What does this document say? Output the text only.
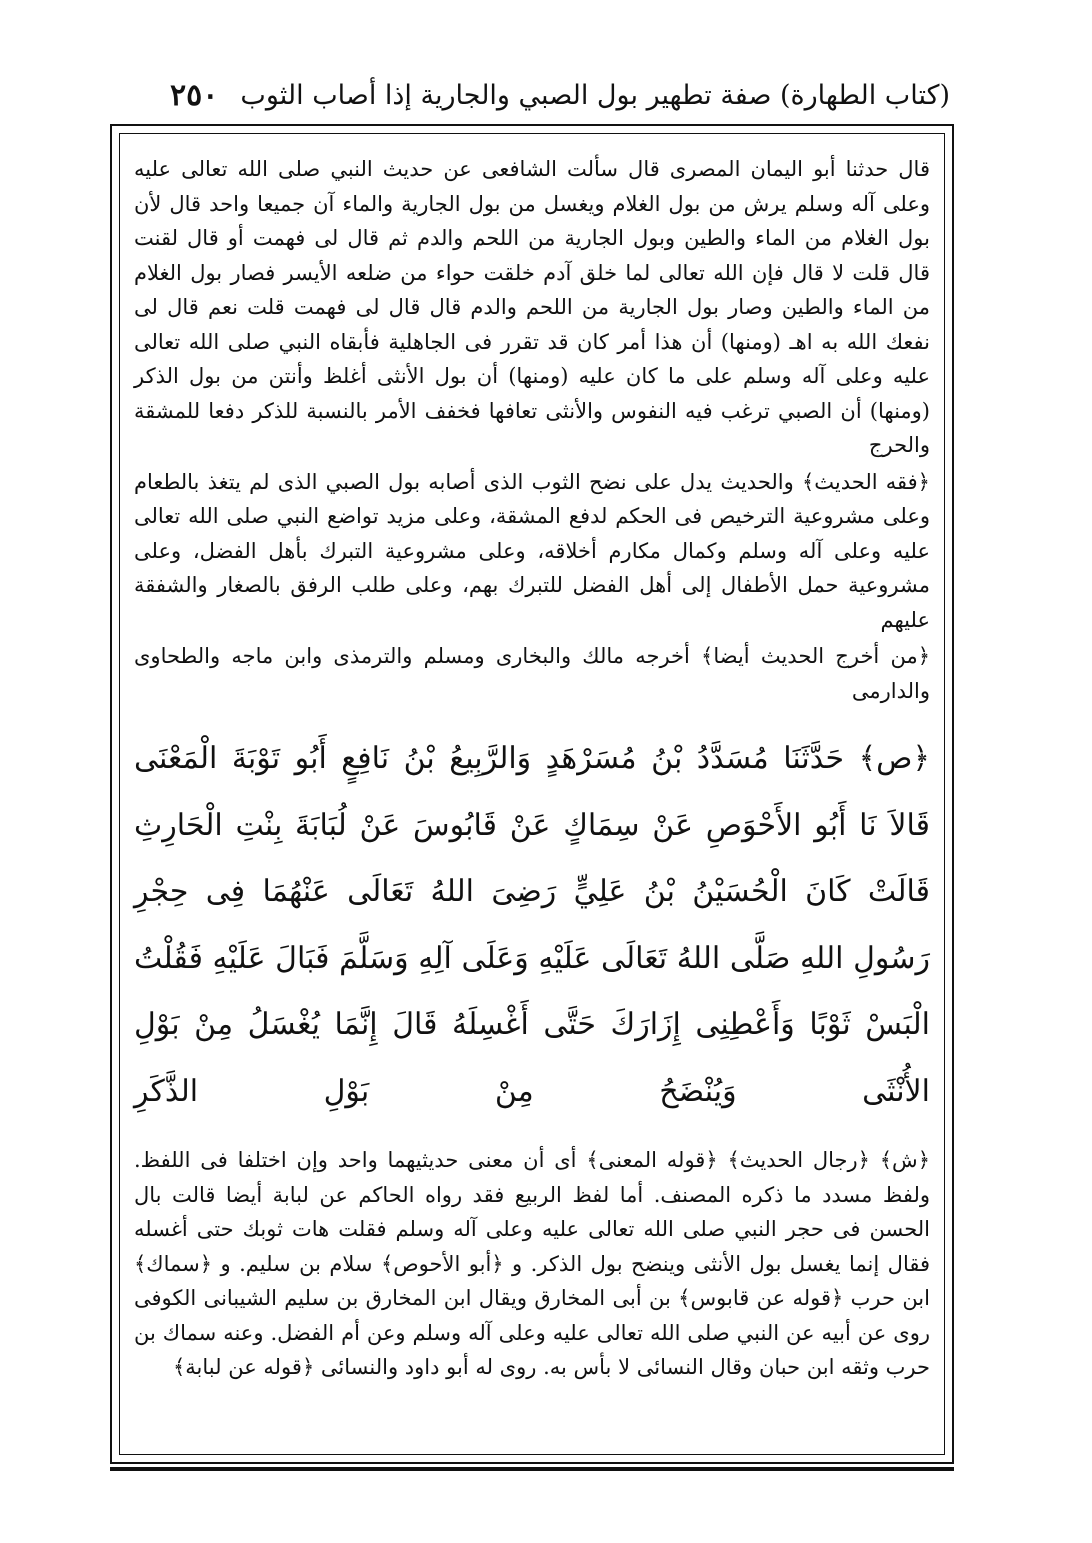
(كتاب الطهارة) صفة تطهير بول الصبي والجارية إذا أصاب الثوب
٢٥٠

قال حدثنا أبو اليمان المصرى قال سألت الشافعى عن حديث النبي صلى الله تعالى عليه وعلى آله وسلم يرش من بول الغلام ويغسل من بول الجارية والماء آن جميعا واحد قال لأن بول الغلام من الماء والطين وبول الجارية من اللحم والدم ثم قال لى فهمت أو قال لقنت قال قلت لا قال فإن الله تعالى لما خلق آدم خلقت حواء من ضلعه الأيسر فصار بول الغلام من الماء والطين وصار بول الجارية من اللحم والدم قال قال لى فهمت قلت نعم قال لى نفعك الله به اهـ (ومنها) أن هذا أمر كان قد تقرر فى الجاهلية فأبقاه النبي صلى الله تعالى عليه وعلى آله وسلم على ما كان عليه (ومنها) أن بول الأنثى أغلظ وأنتن من بول الذكر (ومنها) أن الصبي ترغب فيه النفوس والأنثى تعافها فخفف الأمر بالنسبة للذكر دفعا للمشقة والحرج

﴿فقه الحديث﴾ والحديث يدل على نضح الثوب الذى أصابه بول الصبي الذى لم يتغذ بالطعام وعلى مشروعية الترخيص فى الحكم لدفع المشقة، وعلى مزيد تواضع النبي صلى الله تعالى عليه وعلى آله وسلم وكمال مكارم أخلاقه، وعلى مشروعية التبرك بأهل الفضل، وعلى مشروعية حمل الأطفال إلى أهل الفضل للتبرك بهم، وعلى طلب الرفق بالصغار والشفقة عليهم

﴿من أخرج الحديث أيضا﴾ أخرجه مالك والبخارى ومسلم والترمذى وابن ماجه والطحاوى والدارمى

﴿ص﴾ حَدَّثَنَا مُسَدَّدُ بْنُ مُسَرْهَدٍ وَالرَّبِيعُ بْنُ نَافِعٍ أَبُو تَوْبَةَ الْمَعْنَى قَالاَ نَا أَبُو الأَحْوَصِ عَنْ سِمَاكٍ عَنْ قَابُوسَ عَنْ لُبَابَةَ بِنْتِ الْحَارِثِ قَالَتْ كَانَ الْحُسَيْنُ بْنُ عَلِيٍّ رَضِىَ اللهُ تَعَالَى عَنْهُمَا فِى حِجْرِ رَسُولِ اللهِ صَلَّى اللهُ تَعَالَى عَلَيْهِ وَعَلَى آلِهِ وَسَلَّمَ فَبَالَ عَلَيْهِ فَقُلْتُ الْبَسْ ثَوْبًا وَأَعْطِنِى إِزَارَكَ حَتَّى أَغْسِلَهُ قَالَ إِنَّمَا يُغْسَلُ مِنْ بَوْلِ الأُنْثَى وَيُنْضَحُ مِنْ بَوْلِ الذَّكَرِ

﴿ش﴾ ﴿رجال الحديث﴾ ﴿قوله المعنى﴾ أى أن معنى حديثيهما واحد وإن اختلفا فى اللفظ. ولفظ مسدد ما ذكره المصنف. أما لفظ الربيع فقد رواه الحاكم عن لبابة أيضا قالت بال الحسن فى حجر النبي صلى الله تعالى عليه وعلى آله وسلم فقلت هات ثوبك حتى أغسله فقال إنما يغسل بول الأنثى وينضح بول الذكر. و ﴿أبو الأحوص﴾ سلام بن سليم. و ﴿سماك﴾ ابن حرب ﴿قوله عن قابوس﴾ بن أبى المخارق ويقال ابن المخارق بن سليم الشيبانى الكوفى روى عن أبيه عن النبي صلى الله تعالى عليه وعلى آله وسلم وعن أم الفضل. وعنه سماك بن حرب وثقه ابن حبان وقال النسائى لا بأس به. روى له أبو داود والنسائى ﴿قوله عن لبابة﴾
